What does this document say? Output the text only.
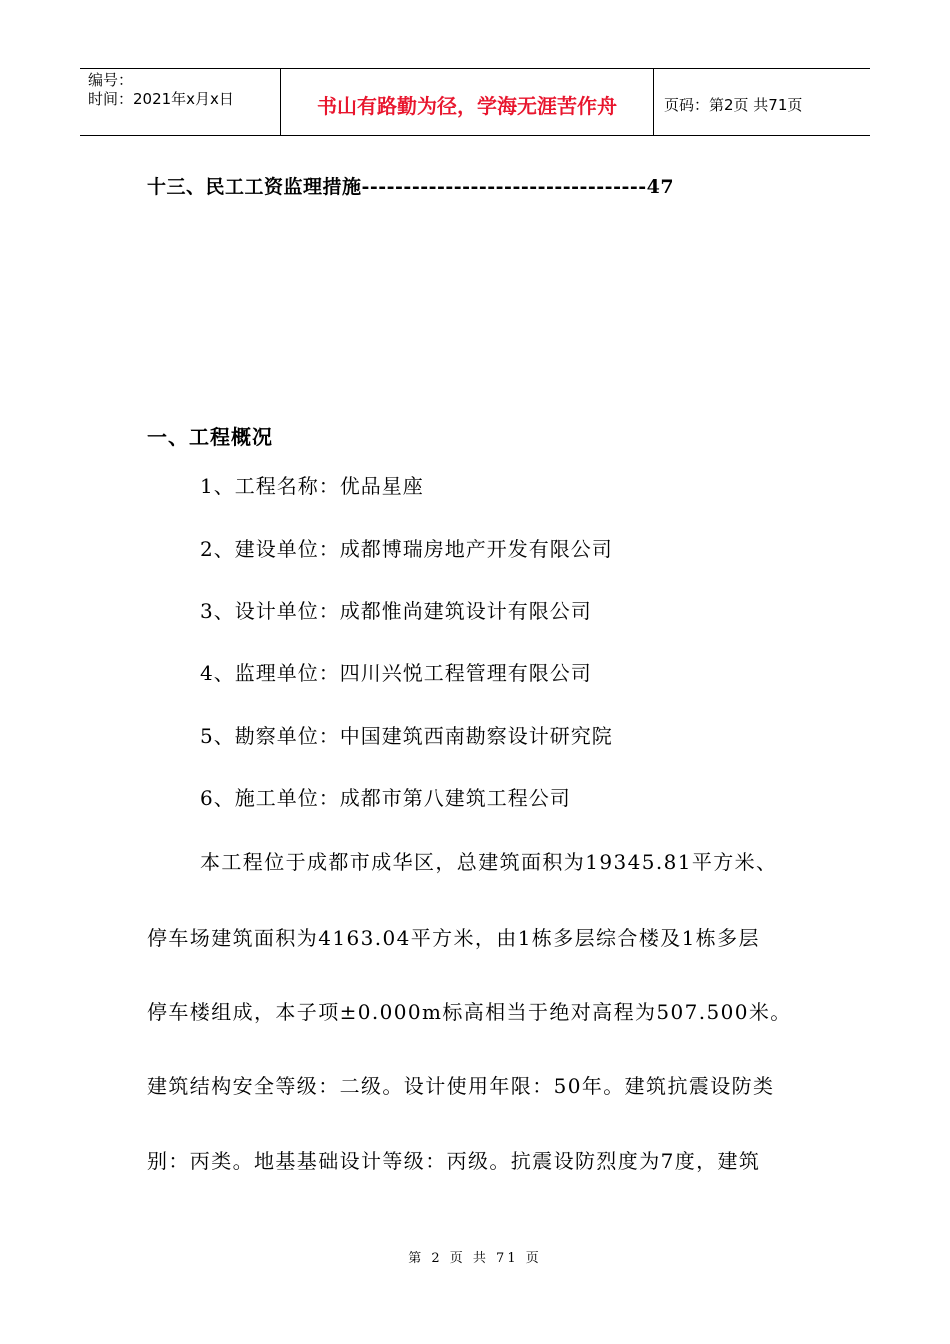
编号：
时间：2021年x月x日	书山有路勤为径，学海无涯苦作舟	页码：第2页 共71页
十三、民工工资监理措施----------------------------------47
一、工程概况
1、工程名称：优品星座
2、建设单位：成都博瑞房地产开发有限公司
3、设计单位：成都惟尚建筑设计有限公司
4、监理单位：四川兴悦工程管理有限公司
5、勘察单位：中国建筑西南勘察设计研究院
6、施工单位：成都市第八建筑工程公司
本工程位于成都市成华区，总建筑面积为19345.81平方米、
停车场建筑面积为4163.04平方米，由1栋多层综合楼及1栋多层
停车楼组成，本子项±0.000m标高相当于绝对高程为507.500米。
建筑结构安全等级：二级。设计使用年限：50年。建筑抗震设防类
别：丙类。地基基础设计等级：丙级。抗震设防烈度为7度，建筑
第 2 页 共 71 页
